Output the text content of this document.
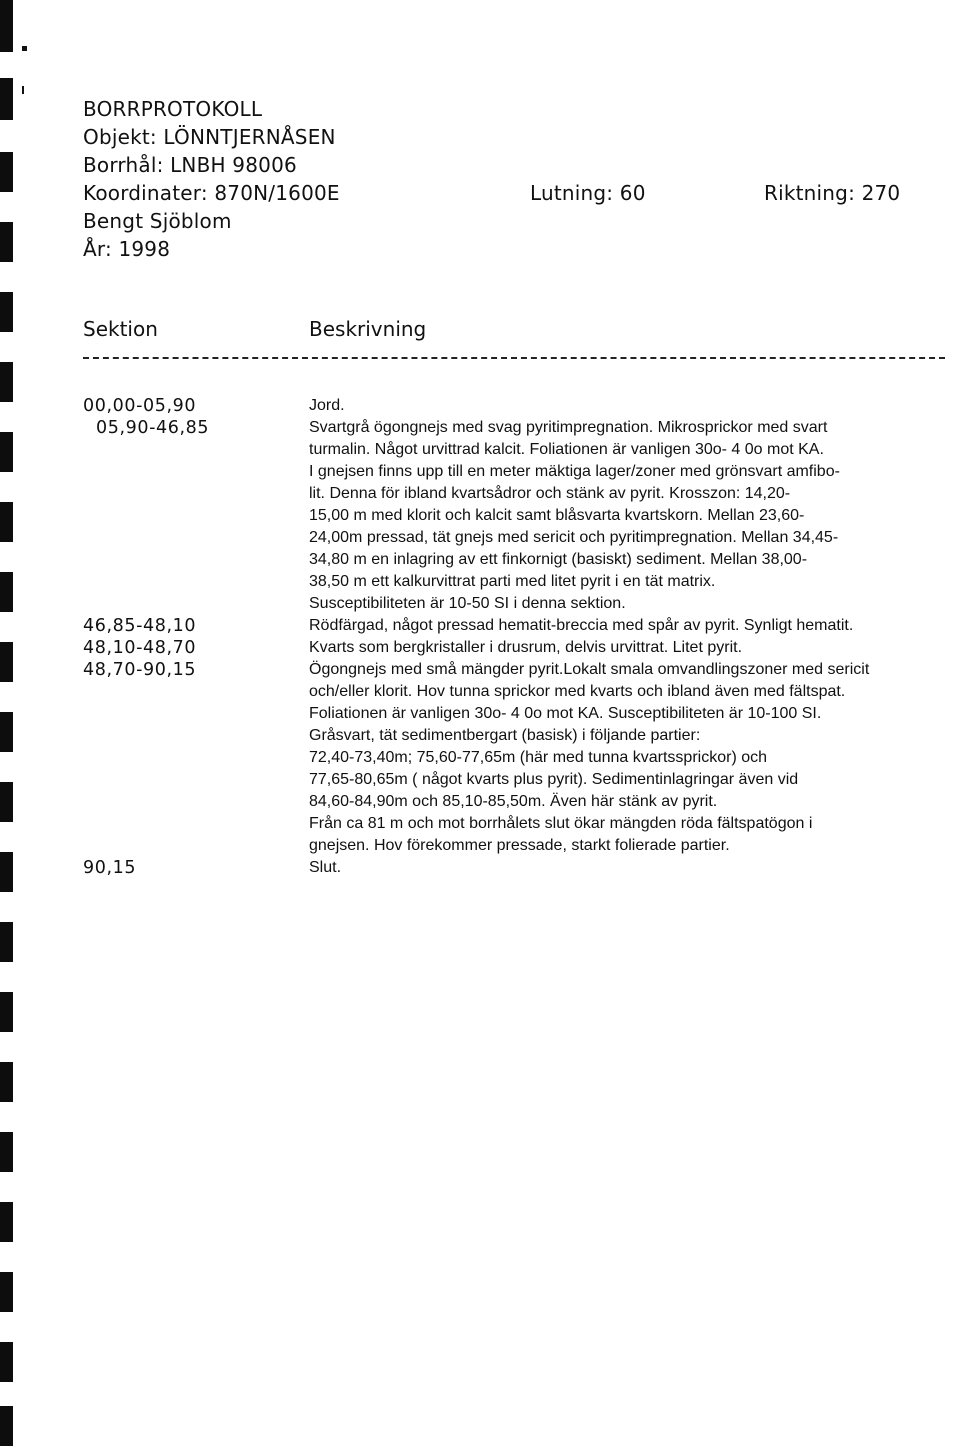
BORRPROTOKOLL
Objekt: LÖNNTJERNÅSEN
Borrhål: LNBH 98006
Koordinater: 870N/1600E	Lutning: 60	Riktning: 270
Bengt Sjöblom
År: 1998
Sektion	Beskrivning
00,00-05,90	Jord.
05,90-46,85	Svartgrå ögongnejs med svag pyritimpregnation. Mikrosprickor med svart
turmalin. Något urvittrad kalcit. Foliationen är vanligen 30o- 4 0o mot KA.
I gnejsen finns upp till en meter mäktiga lager/zoner med grönsvart amfibo-
lit. Denna för ibland kvartsådror och stänk av pyrit. Krosszon: 14,20-
15,00 m med klorit och kalcit samt blåsvarta kvartskorn. Mellan 23,60-
24,00m pressad, tät gnejs med sericit och pyritimpregnation. Mellan 34,45-
34,80 m en inlagring av ett finkornigt (basiskt) sediment. Mellan 38,00-
38,50 m ett kalkurvittrat parti med litet pyrit i en tät matrix.
Susceptibiliteten är 10-50 SI i denna sektion.
46,85-48,10	Rödfärgad, något pressad hematit-breccia med spår av pyrit. Synligt hematit.
48,10-48,70	Kvarts som bergkristaller i drusrum, delvis urvittrat. Litet pyrit.
48,70-90,15	Ögongnejs med små mängder pyrit.Lokalt smala omvandlingszoner med sericit
och/eller klorit. Hov tunna sprickor med kvarts och ibland även med fältspat.
Foliationen är vanligen 30o- 4 0o mot KA. Susceptibiliteten är 10-100 SI.
Gråsvart, tät sedimentbergart (basisk) i följande partier:
72,40-73,40m; 75,60-77,65m (här med tunna kvartssprickor) och
77,65-80,65m ( något kvarts plus pyrit). Sedimentinlagringar även vid
84,60-84,90m och 85,10-85,50m. Även här stänk av pyrit.
Från ca 81 m och mot borrhålets slut ökar mängden röda fältspatögon i
gnejsen. Hov förekommer pressade, starkt folierade partier.
90,15	Slut.
